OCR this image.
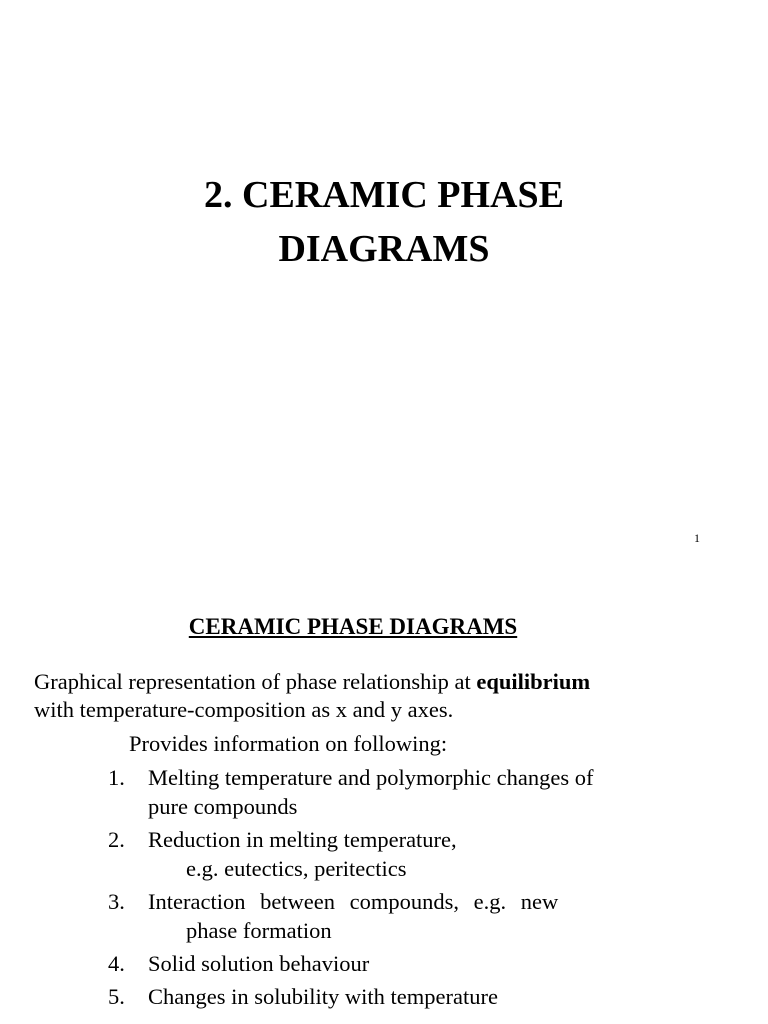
2. CERAMIC PHASE
DIAGRAMS
1
CERAMIC PHASE DIAGRAMS

Graphical representation of phase relationship at equilibrium
with temperature-composition as x and y axes.

Provides information on following:
1. Melting temperature and polymorphic changes of
pure compounds
2. Reduction in melting temperature,
e.g. eutectics, peritectics
3. Interaction between compounds, e.g. new
phase formation
4. Solid solution behaviour
5. Changes in solubility with temperature
